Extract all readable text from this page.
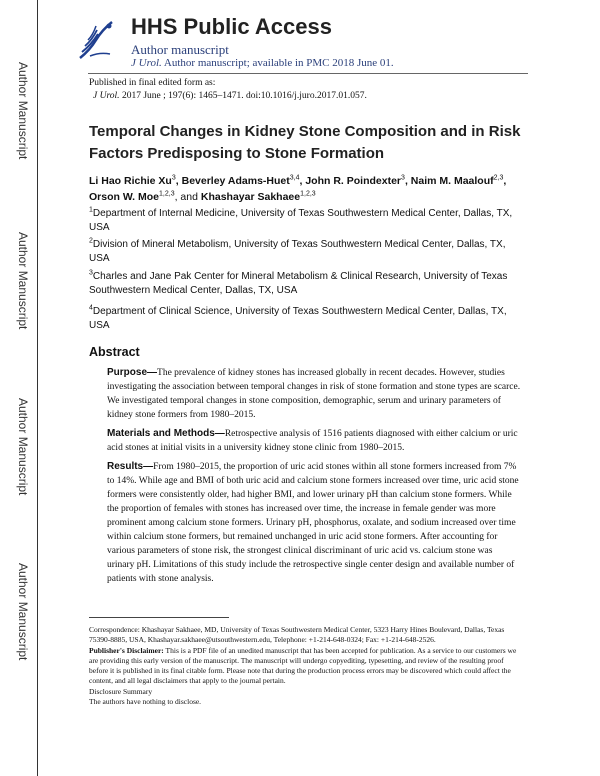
Author Manuscript
Author Manuscript
Author Manuscript
Author Manuscript
HHS Public Access
Author manuscript
J Urol. Author manuscript; available in PMC 2018 June 01.
Published in final edited form as:
J Urol. 2017 June ; 197(6): 1465–1471. doi:10.1016/j.juro.2017.01.057.
Temporal Changes in Kidney Stone Composition and in Risk Factors Predisposing to Stone Formation
Li Hao Richie Xu$^3$, Beverley Adams-Huet$^{3,4}$, John R. Poindexter$^3$, Naim M. Maalouf$^{2,3}$, Orson W. Moe$^{1,2,3}$, and Khashayar Sakhaee$^{1,2,3}$
$^1$Department of Internal Medicine, University of Texas Southwestern Medical Center, Dallas, TX, USA
$^2$Division of Mineral Metabolism, University of Texas Southwestern Medical Center, Dallas, TX, USA
$^3$Charles and Jane Pak Center for Mineral Metabolism & Clinical Research, University of Texas Southwestern Medical Center, Dallas, TX, USA
$^4$Department of Clinical Science, University of Texas Southwestern Medical Center, Dallas, TX, USA
Abstract
Purpose—The prevalence of kidney stones has increased globally in recent decades. However, studies investigating the association between temporal changes in risk of stone formation and stone types are scarce. We investigated temporal changes in stone composition, demographic, serum and urinary parameters of kidney stone formers from 1980–2015.
Materials and Methods—Retrospective analysis of 1516 patients diagnosed with either calcium or uric acid stones at initial visits in a university kidney stone clinic from 1980–2015.
Results—From 1980–2015, the proportion of uric acid stones within all stone formers increased from 7% to 14%. While age and BMI of both uric acid and calcium stone formers increased over time, uric acid stone formers were consistently older, had higher BMI, and lower urinary pH than calcium stone formers. While the proportion of females with stones has increased over time, the increase in female gender was more prominent among calcium stone formers. Urinary pH, phosphorus, oxalate, and sodium increased over time within calcium stone formers, but remained unchanged in uric acid stone formers. After accounting for various parameters of stone risk, the strongest clinical discriminant of uric acid vs. calcium stone was urinary pH. Limitations of this study include the retrospective single center design and available number of patients with stone analysis.
Correspondence: Khashayar Sakhaee, MD, University of Texas Southwestern Medical Center, 5323 Harry Hines Boulevard, Dallas, Texas 75390-8885, USA, Khashayar.sakhaee@utsouthwestern.edu, Telephone: +1-214-648-0324; Fax: +1-214-648-2526.
Publisher's Disclaimer: This is a PDF file of an unedited manuscript that has been accepted for publication. As a service to our customers we are providing this early version of the manuscript. The manuscript will undergo copyediting, typesetting, and review of the resulting proof before it is published in its final citable form. Please note that during the production process errors may be discovered which could affect the content, and all legal disclaimers that apply to the journal pertain.
Disclosure Summary
The authors have nothing to disclose.
